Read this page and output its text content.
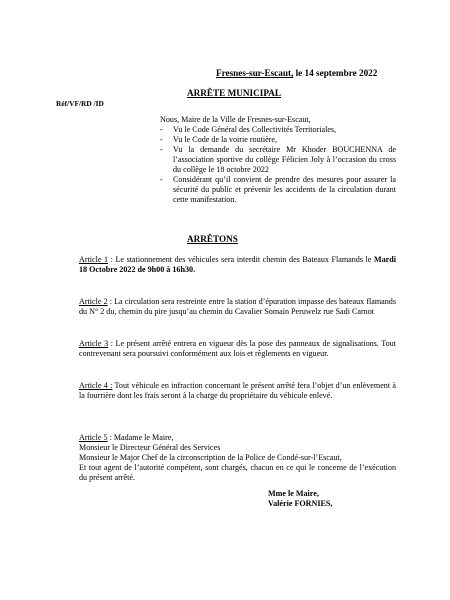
Fresnes-sur-Escaut, le 14 septembre 2022
ARRÊTE MUNICIPAL
Réf/VF/RD /ID
Nous, Maire de la Ville de Fresnes-sur-Escaut,
- Vu le Code Général des Collectivités Territoriales,
- Vu le Code de la voirie routière,
- Vu la demande du secrétaire Mr Khoder BOUCHENNA de l’association sportive du collège Félicien Joly à l’occasion du cross du collège le 18 octobre 2022
- Considérant qu’il convient de prendre des mesures pour assurer la sécurité du public et prévenir les accidents de la circulation durant cette manifestation.
ARRÊTONS
Article 1 : Le stationnement des véhicules sera interdit chemin des Bateaux Flamands le Mardi 18 Octobre 2022 de 9h00 à 16h30.
Article 2 : La circulation sera restreinte entre la station d’épuration impasse des bateaux flamands du N° 2 du, chemin du pire jusqu’au chemin du Cavalier Somain Peruwelz rue Sadi Carnot
Article 3 : Le présent arrêté entrera en vigueur dès la pose des panneaux de signalisations. Tout contrevenant sera poursuivi conformément aux lois et règlements en vigueur.
Article 4 : Tout véhicule en infraction concernant le présent arrêté fera l’objet d’un enlèvement à la fourrière dont les frais seront à la charge du propriétaire du véhicule enlevé.
Article 5 : Madame le Maire,
Monsieur le Directeur Général des Services
Monsieur le Major Chef de la circonscription de la Police de Condé-sur-l’Escaut,
Et tout agent de l’autorité compétent, sont chargés, chacun en ce qui le concerne de l’exécution du présent arrêté.
Mme le Maire,
Valérie FORNIES,
